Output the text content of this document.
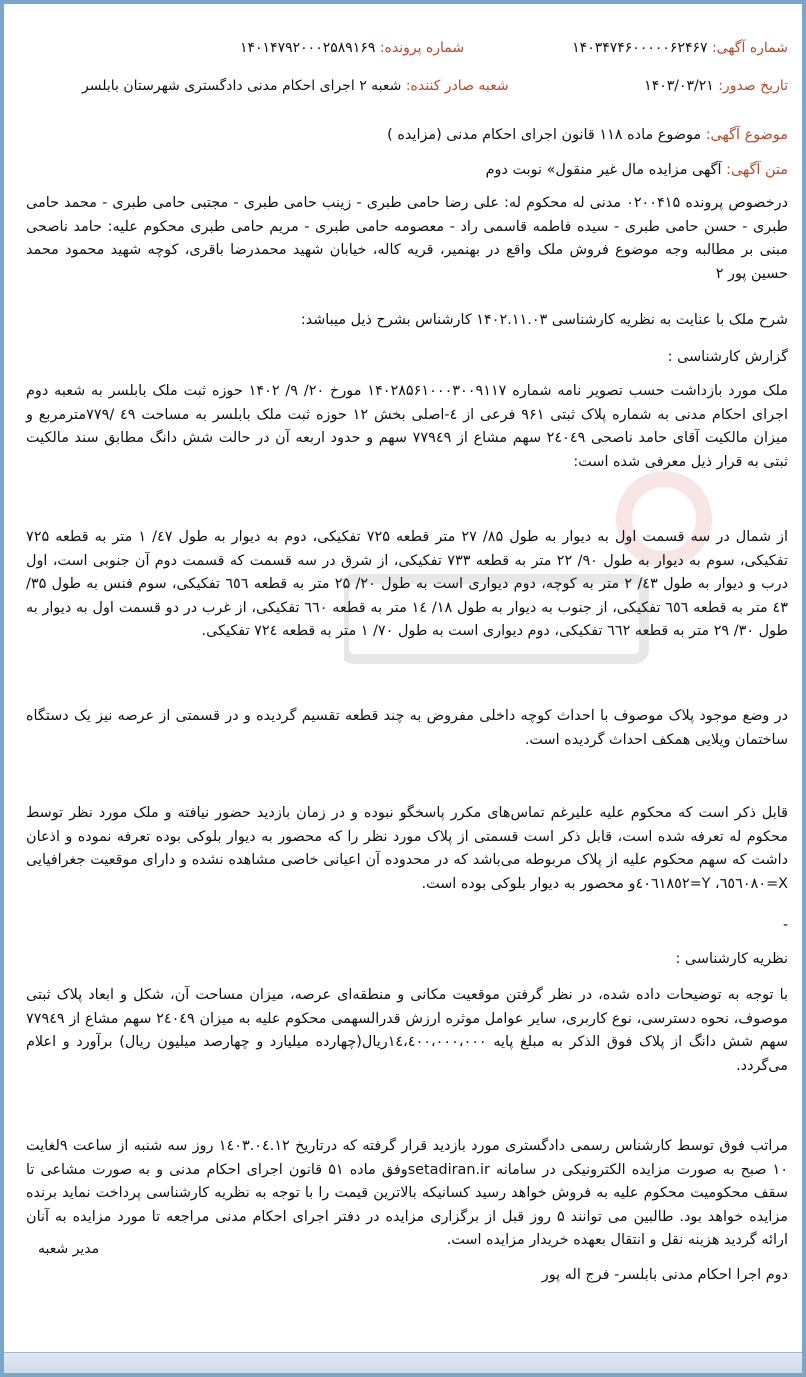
شماره آگهی: ۱۴۰۳۴۷۴۶۰۰۰۰۰۶۲۴۶۷
شماره پرونده: ۱۴۰۱۴۷۹۲۰۰۰۲۵۸۹۱۶۹
تاریخ صدور: ۱۴۰۳/۰۳/۲۱
شعبه صادر کننده: شعبه ۲ اجرای احکام مدنی دادگستری شهرستان بابلسر
موضوع آگهی: موضوع ماده ۱۱۸ قانون اجرای احکام مدنی (مزایده )
متن آگهی: آگهی مزایده مال غیر منقول» نوبت دوم
درخصوص پرونده ۰۲۰۰۴۱۵ مدنی له محکوم له: علی رضا حامی طبری - زینب حامی طبری - مجتبی حامی طبری - محمد حامی طبری - حسن حامی طبری - سیده فاطمه قاسمی راد - معصومه حامی طبری - مریم حامی طبری محکوم علیه: حامد ناصحی مبنی بر مطالبه وجه موضوع فروش ملک واقع در بهنمیر، قریه کاله، خیابان شهید محمدرضا باقری، کوچه شهید محمود محمد حسین پور ۲
شرح ملک با عنایت به نظریه کارشناسی ۱۴۰۲.۱۱.۰۳ کارشناس بشرح ذیل میباشد:
گزارش کارشناسی :
ملک مورد بازداشت حسب تصویر نامه شماره ۱۴۰۲۸۵۶۱۰۰۰۳۰۰۹۱۱۷ مورخ ۲۰/ ۹/ ۱۴۰۲ حوزه ثبت ملک بابلسر به شعبه دوم اجرای احکام مدنی به شماره پلاک ثبتی ۹۶۱ فرعی از ٤-اصلی بخش ۱۲ حوزه ثبت ملک بابلسر به مساحت ٤۹ /۷۷۹مترمربع و میزان مالکیت آقای حامد ناصحی ۲٤۰٤۹ سهم مشاع از ۷۷۹٤۹ سهم و حدود اربعه آن در حالت شش دانگ مطابق سند مالکیت ثبتی به قرار ذیل معرفی شده است:
از شمال در سه قسمت اول به دیوار به طول ۸۵/ ۲۷ متر قطعه ۷۲۵ تفکیکی، دوم به دیوار به طول ٤۷/ ۱ متر به قطعه ۷۲۵ تفکیکی، سوم به دیوار به طول ۹۰/ ۲۲ متر به قطعه ۷۳۳ تفکیکی، از شرق در سه قسمت که قسمت دوم آن جنوبی است، اول درب و دیوار به طول ٤۳/ ۲ متر به کوچه، دوم دیواری است به طول ۲۰/ ۲۵ متر به قطعه ٦٥٦ تفکیکی، سوم فنس به طول ۳۵/ ٤۳ متر به قطعه ٦٥٦ تفکیکی، از جنوب به دیوار به طول ۱۸/ ۱٤ متر به قطعه ٦٦٠ تفکیکی، از غرب در دو قسمت اول به دیوار به طول ۳۰/ ۲۹ متر به قطعه ٦٦٢ تفکیکی، دوم دیواری است به طول ۷۰/ ۱ متر به قطعه ۷۲٤ تفکیکی.
در وضع موجود پلاک موصوف با احداث کوچه داخلی مفروض به چند قطعه تقسیم گردیده و در قسمتی از عرصه نیز یک دستگاه ساختمان ویلایی همکف احداث گردیده است.
قابل ذکر است که محکوم علیه علیرغم تماس‌های مکرر پاسخگو نبوده و در زمان بازدید حضور نیافته و ملک مورد نظر توسط محکوم له تعرفه شده است، قابل ذکر است قسمتی از پلاک مورد نظر را که محصور به دیوار بلوکی بوده تعرفه نموده و اذعان داشت که سهم محکوم علیه از پلاک مربوطه می‌باشد که در محدوده آن اعیانی خاصی مشاهده نشده و دارای موقعیت جغرافیایی X=٦٥٦٠٨٠، Y=٤٠٦١٨٥٢و محصور به دیوار بلوکی بوده است.
-
نظریه کارشناسی :
با توجه به توضیحات داده شده، در نظر گرفتن موقعیت مکانی و منطقه‌ای عرصه، میزان مساحت آن، شکل و ابعاد پلاک ثبتی موصوف، نحوه دسترسی، نوع کاربری، سایر عوامل موثره ارزش قدرالسهمی محکوم علیه به میزان ۲٤۰٤۹ سهم مشاع از ۷۷۹٤۹ سهم شش دانگ از پلاک فوق الذکر به مبلغ پایه ۱٤،٤۰۰،۰۰۰،۰۰۰ریال(چهارده میلیارد و چهارصد میلیون ریال) برآورد و اعلام می‌گردد.
مراتب فوق توسط کارشناس رسمی دادگستری مورد بازدید قرار گرفته که درتاریخ ۱٤۰۳.۰٤.۱۲ روز سه شنبه از ساعت ۹لغایت ۱۰ صبح به صورت مزایده الکترونیکی در سامانه setadiran.irوفق ماده ۵۱ قانون اجرای احکام مدنی و به صورت مشاعی تا سقف محکومیت محکوم علیه به فروش خواهد رسید کسانیکه بالاترین قیمت را با توجه به نظریه کارشناسی پرداخت نماید برنده مزایده خواهد بود. طالبین می توانند ۵ روز قبل از برگزاری مزایده در دفتر اجرای احکام مدنی مراجعه تا مورد مزایده به آنان ارائه گردید هزینه نقل و انتقال بعهده خریدار مزایده است.
مدیر شعبه
دوم اجرا احکام مدنی بابلسر- فرج اله پور
